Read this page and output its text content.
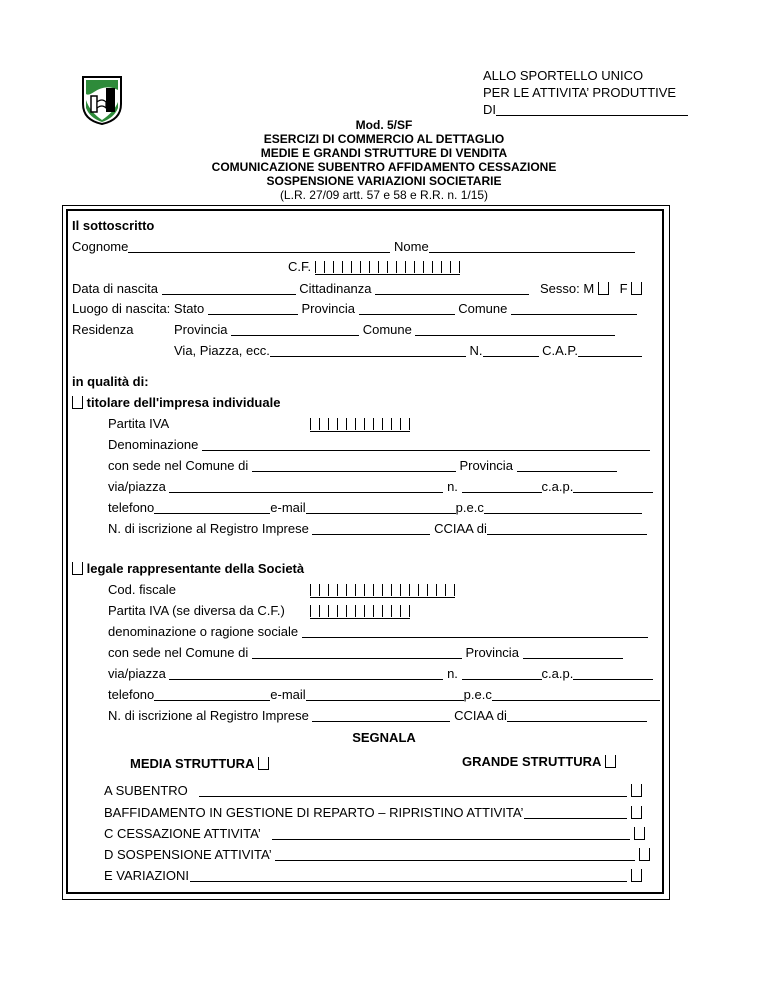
ALLO SPORTELLO UNICO
PER LE ATTIVITA’ PRODUTTIVE
DI
Mod. 5/SF
ESERCIZI DI COMMERCIO AL DETTAGLIO
MEDIE E GRANDI STRUTTURE DI VENDITA
COMUNICAZIONE SUBENTRO AFFIDAMENTO CESSAZIONE
SOSPENSIONE VARIAZIONI SOCIETARIE
(L.R. 27/09 artt. 57 e 58 e R.R. n. 1/15)
Il sottoscritto
Cognome	Nome
C.F.
Data di nascita	Cittadinanza	Sesso: M F
Luogo di nascita: Stato	Provincia	Comune
Residenza	Provincia	Comune
Via, Piazza, ecc.	N.	C.A.P.
in qualità di:
titolare dell'impresa individuale
Partita IVA
Denominazione
con sede nel Comune di	Provincia
via/piazza	n.	c.a.p.
telefono	e-mail	p.e.c
N. di iscrizione al Registro Imprese	CCIAA di
legale rappresentante della Società
Cod. fiscale
Partita IVA (se diversa da C.F.)
denominazione o ragione sociale
con sede nel Comune di	Provincia
via/piazza	n.	c.a.p.
telefono	e-mail	p.e.c
N. di iscrizione al Registro Imprese	CCIAA di
SEGNALA
MEDIA STRUTTURA	GRANDE STRUTTURA
A SUBENTRO
BAFFIDAMENTO IN GESTIONE DI REPARTO – RIPRISTINO ATTIVITA’
C CESSAZIONE ATTIVITA’
D SOSPENSIONE ATTIVITA’
E VARIAZIONI
